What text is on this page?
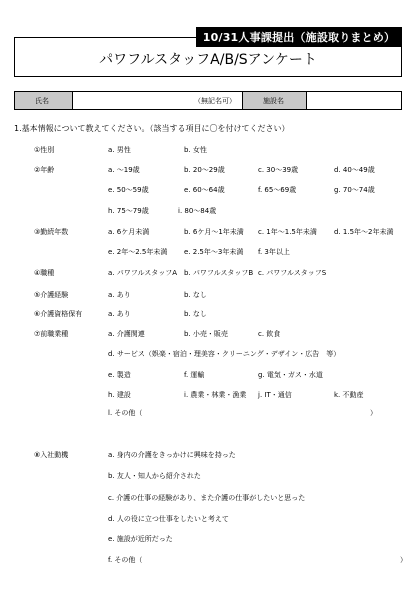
10/31人事課提出（施設取りまとめ）
パワフルスタッフA/B/Sアンケート
氏名	（無記名可）	施設名
1.基本情報について教えてください。（該当する項目に〇を付けてください）
①性別	a. 男性	b. 女性
②年齢	a. ～19歳	b. 20～29歳	c. 30～39歳	d. 40～49歳
e. 50～59歳	e. 60～64歳	f. 65～69歳	g. 70～74歳
h. 75～79歳	i. 80～84歳
③勤続年数	a. 6ケ月未満	b. 6ケ月～1年未満 c. 1年～1.5年未満 d. 1.5年～2年未満
e. 2年～2.5年未満 e. 2.5年～3年未満 f. 3年以上
④職種	a. パワフルスタッフA b. パワフルスタッフB c. パワフルスタッフS
⑤介護経験	a. あり	b. なし
⑥介護資格保有	a. あり	b. なし
⑦前職業種	a. 介護関連	b. 小売・販売	c. 飲食
d. サービス（娯楽・宿泊・理美容・クリーニング・デザイン・広告　等）
e. 製造	f. 運輸	g. 電気・ガス・水道
h. 建設	i. 農業・林業・漁業 j. IT・通信	k. 不動産
l. その他（	）
⑧入社動機	a. 身内の介護をきっかけに興味を持った
b. 友人・知人から紹介された
c. 介護の仕事の経験があり、また介護の仕事がしたいと思った
d. 人の役に立つ仕事をしたいと考えて
e. 施設が近所だった
f. その他（	）
